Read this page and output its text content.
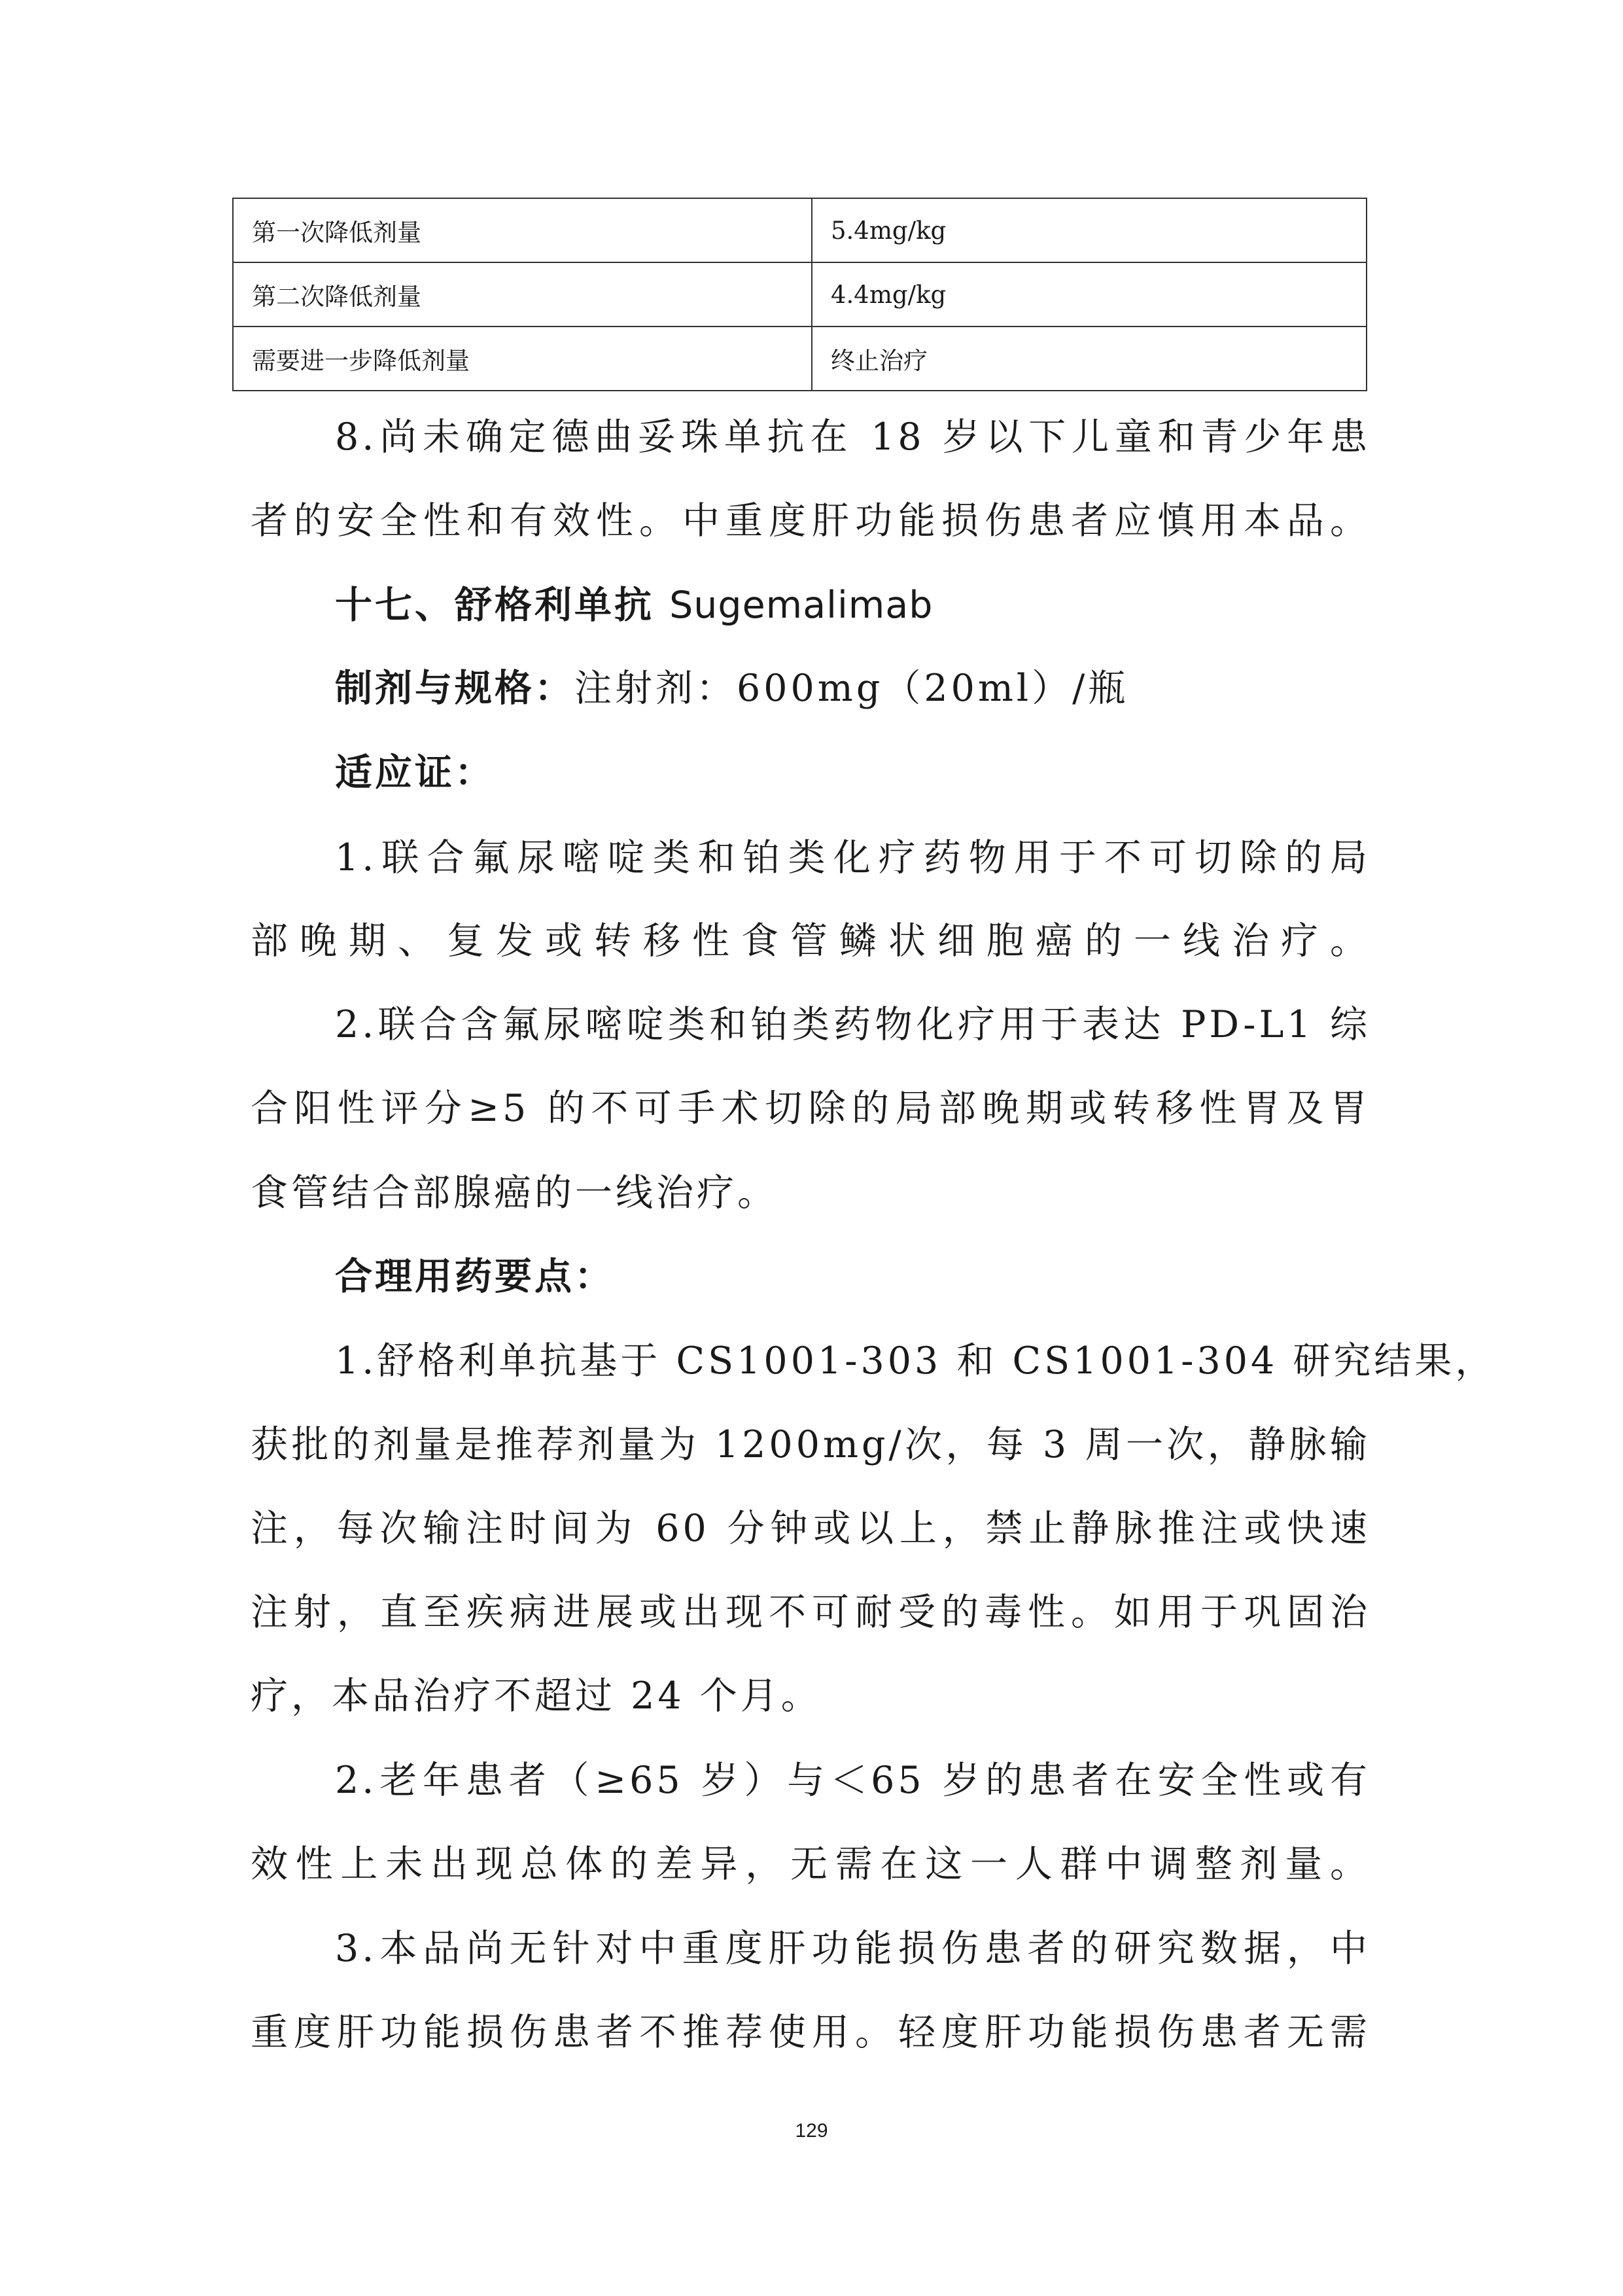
第一次降低剂量	5.4mg/kg
第二次降低剂量	4.4mg/kg
需要进一步降低剂量	终止治疗
8.尚未确定德曲妥珠单抗在 18 岁以下儿童和青少年患
者的安全性和有效性。中重度肝功能损伤患者应慎用本品。
十七、舒格利单抗 Sugemalimab
制剂与规格：注射剂：600mg（20ml）/瓶
适应证：
1.联合氟尿嘧啶类和铂类化疗药物用于不可切除的局
部晚期、复发或转移性食管鳞状细胞癌的一线治疗。
2.联合含氟尿嘧啶类和铂类药物化疗用于表达 PD-L1 综
合阳性评分≥5 的不可手术切除的局部晚期或转移性胃及胃
食管结合部腺癌的一线治疗。
合理用药要点：
1.舒格利单抗基于 CS1001-303 和 CS1001-304 研究结果，
获批的剂量是推荐剂量为 1200mg/次，每 3 周一次，静脉输
注，每次输注时间为 60 分钟或以上，禁止静脉推注或快速
注射，直至疾病进展或出现不可耐受的毒性。如用于巩固治
疗，本品治疗不超过 24 个月。
2.老年患者（≥65 岁）与＜65 岁的患者在安全性或有
效性上未出现总体的差异，无需在这一人群中调整剂量。
3.本品尚无针对中重度肝功能损伤患者的研究数据，中
重度肝功能损伤患者不推荐使用。轻度肝功能损伤患者无需
129
